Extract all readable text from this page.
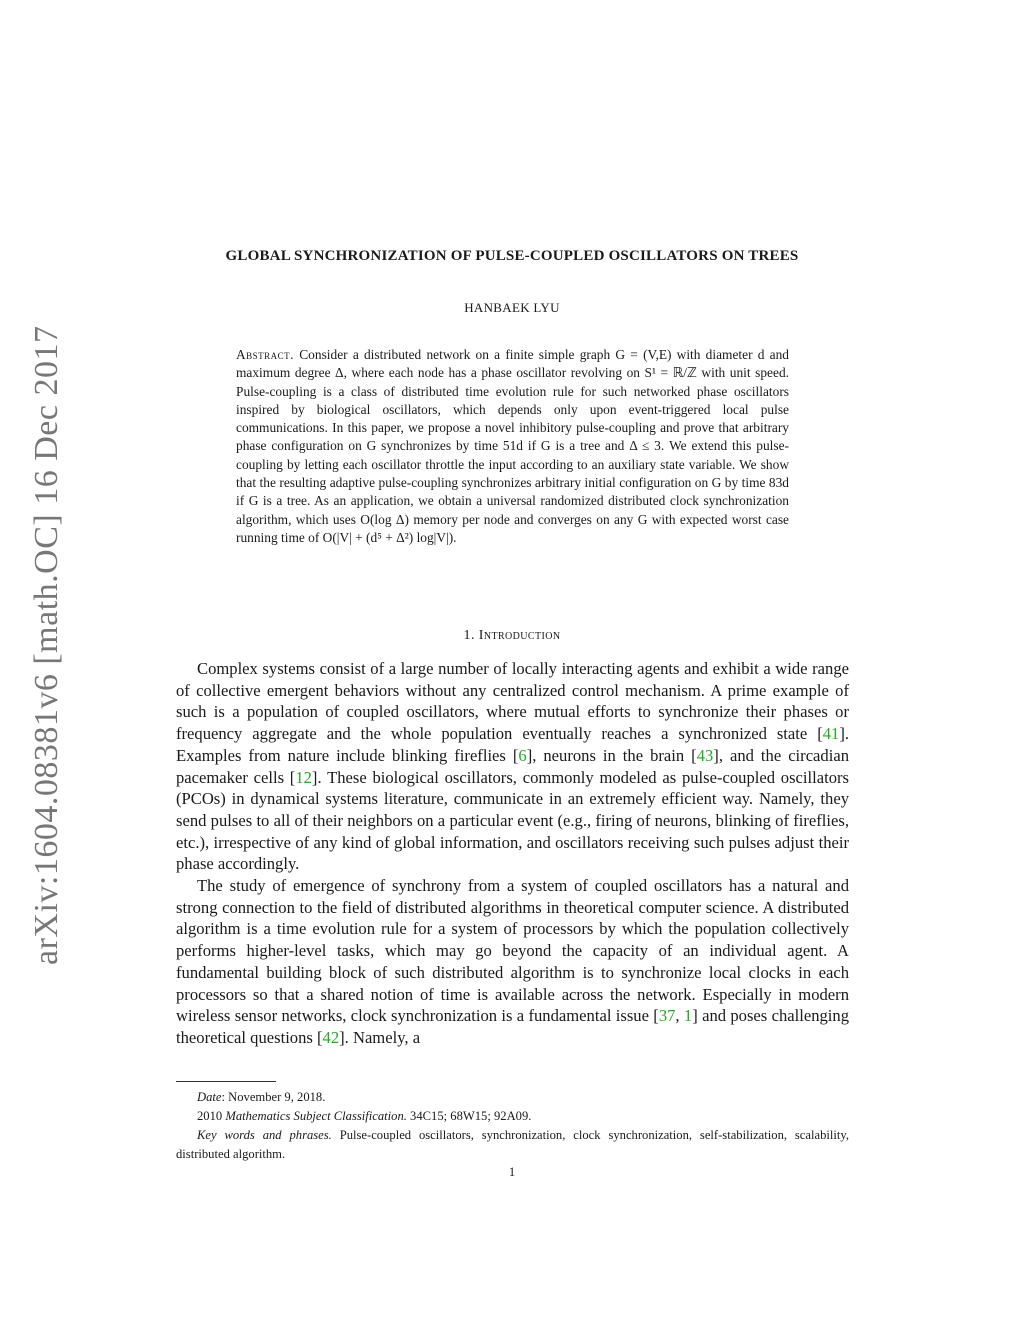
arXiv:1604.08381v6 [math.OC] 16 Dec 2017
GLOBAL SYNCHRONIZATION OF PULSE-COUPLED OSCILLATORS ON TREES
HANBAEK LYU
Abstract. Consider a distributed network on a finite simple graph G = (V,E) with diameter d and maximum degree Δ, where each node has a phase oscillator revolving on S¹ = ℝ/ℤ with unit speed. Pulse-coupling is a class of distributed time evolution rule for such networked phase oscillators inspired by biological oscillators, which depends only upon event-triggered local pulse communications. In this paper, we propose a novel inhibitory pulse-coupling and prove that arbitrary phase configuration on G synchronizes by time 51d if G is a tree and Δ ≤ 3. We extend this pulse-coupling by letting each oscillator throttle the input according to an auxiliary state variable. We show that the resulting adaptive pulse-coupling synchronizes arbitrary initial configuration on G by time 83d if G is a tree. As an application, we obtain a universal randomized distributed clock synchronization algorithm, which uses O(log Δ) memory per node and converges on any G with expected worst case running time of O(|V| + (d⁵ + Δ²) log|V|).
1. Introduction

Complex systems consist of a large number of locally interacting agents and exhibit a wide range of collective emergent behaviors without any centralized control mechanism. A prime example of such is a population of coupled oscillators, where mutual efforts to synchronize their phases or frequency aggregate and the whole population eventually reaches a synchronized state [41]. Examples from nature include blinking fireflies [6], neurons in the brain [43], and the circadian pacemaker cells [12]. These biological oscillators, commonly modeled as pulse-coupled oscillators (PCOs) in dynamical systems literature, communicate in an extremely efficient way. Namely, they send pulses to all of their neighbors on a particular event (e.g., firing of neurons, blinking of fireflies, etc.), irrespective of any kind of global information, and oscillators receiving such pulses adjust their phase accordingly.

The study of emergence of synchrony from a system of coupled oscillators has a natural and strong connection to the field of distributed algorithms in theoretical computer science. A distributed algorithm is a time evolution rule for a system of processors by which the population collectively performs higher-level tasks, which may go beyond the capacity of an individual agent. A fundamental building block of such distributed algorithm is to synchronize local clocks in each processors so that a shared notion of time is available across the network. Especially in modern wireless sensor networks, clock synchronization is a fundamental issue [37, 1] and poses challenging theoretical questions [42]. Namely, a

Date: November 9, 2018.
2010 Mathematics Subject Classification. 34C15; 68W15; 92A09.
Key words and phrases. Pulse-coupled oscillators, synchronization, clock synchronization, self-stabilization, scalability, distributed algorithm.
1
